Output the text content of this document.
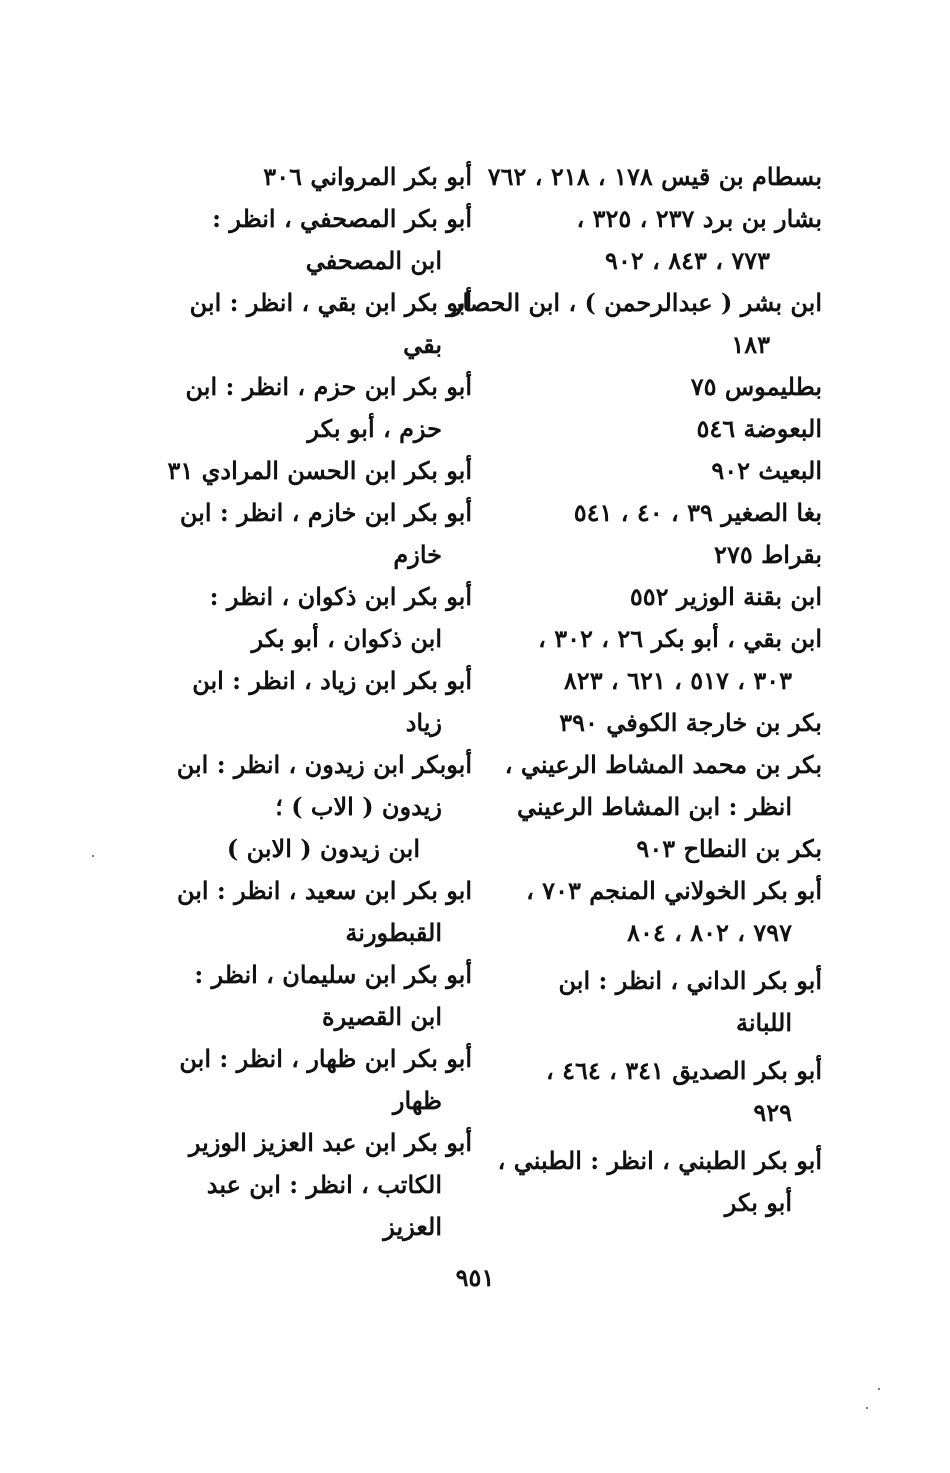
بسطام بن قيس ١٧٨ ، ٢١٨ ، ٧٦٢
بشار بن برد ٢٣٧ ، ٣٢٥ ،
٧٧٣ ، ٨٤٣ ، ٩٠٢
ابن بشر ( عبدالرحمن ) ، ابن الحصار
١٨٣
بطليموس ٧٥
البعوضة ٥٤٦
البعيث ٩٠٢
بغا الصغير ٣٩ ، ٤٠ ، ٥٤١
بقراط ٢٧٥
ابن بقنة الوزير ٥٥٢
ابن بقي ، أبو بكر ٢٦ ، ٣٠٢ ،
٣٠٣ ، ٥١٧ ، ٦٢١ ، ٨٢٣
بكر بن خارجة الكوفي ٣٩٠
بكر بن محمد المشاط الرعيني ،
انظر : ابن المشاط الرعيني
بكر بن النطاح ٩٠٣
أبو بكر الخولاني المنجم ٧٠٣ ،
٧٩٧ ، ٨٠٢ ، ٨٠٤
أبو بكر الداني ، انظر : ابن
اللبانة
أبو بكر الصديق ٣٤١ ، ٤٦٤ ،
٩٢٩
أبو بكر الطبني ، انظر : الطبني ،
أبو بكر
أبو بكر المرواني ٣٠٦
أبو بكر المصحفي ، انظر :
ابن المصحفي
أبو بكر ابن بقي ، انظر : ابن
بقي
أبو بكر ابن حزم ، انظر : ابن
حزم ، أبو بكر
أبو بكر ابن الحسن المرادي ٣١
أبو بكر ابن خازم ، انظر : ابن
خازم
أبو بكر ابن ذكوان ، انظر :
ابن ذكوان ، أبو بكر
أبو بكر ابن زياد ، انظر : ابن
زياد
أبوبكر ابن زيدون ، انظر : ابن
زيدون ( الاب ) ؛
ابن زيدون ( الابن )
ابو بكر ابن سعيد ، انظر : ابن
القبطورنة
أبو بكر ابن سليمان ، انظر :
ابن القصيرة
أبو بكر ابن ظهار ، انظر : ابن
ظهار
أبو بكر ابن عبد العزيز الوزير
الكاتب ، انظر : ابن عبد
العزيز
٩٥١
